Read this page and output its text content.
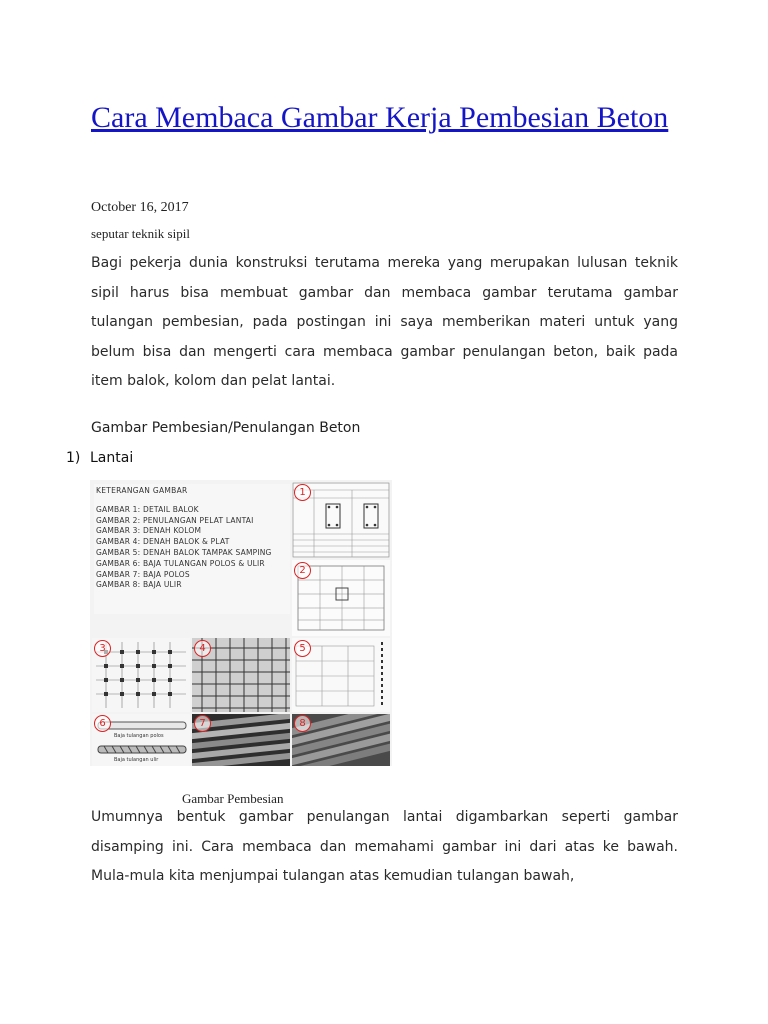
Cara Membaca Gambar Kerja Pembesian Beton
October 16, 2017
seputar teknik sipil

Bagi pekerja dunia konstruksi terutama mereka yang merupakan lulusan teknik sipil harus bisa membuat gambar dan membaca gambar terutama gambar tulangan pembesian, pada postingan ini saya memberikan materi untuk yang belum bisa dan mengerti cara membaca gambar penulangan beton, baik pada item balok, kolom dan pelat lantai.

Gambar Pembesian/Penulangan Beton
1) Lantai
KETERANGAN GAMBAR
GAMBAR 1: DETAIL BALOK
GAMBAR 2: PENULANGAN PELAT LANTAI
GAMBAR 3: DENAH KOLOM
GAMBAR 4: DENAH BALOK & PLAT
GAMBAR 5: DENAH BALOK TAMPAK SAMPING
GAMBAR 6: BAJA TULANGAN POLOS & ULIR
GAMBAR 7: BAJA POLOS
GAMBAR 8: BAJA ULIR
1
2
3	4	5
Baja tulangan polos
Baja tulangan ulir
6	7	8
Gambar Pembesian

Umumnya bentuk gambar penulangan lantai digambarkan seperti gambar disamping ini. Cara membaca dan memahami gambar ini dari atas ke bawah. Mula-mula kita menjumpai tulangan atas kemudian tulangan bawah,
